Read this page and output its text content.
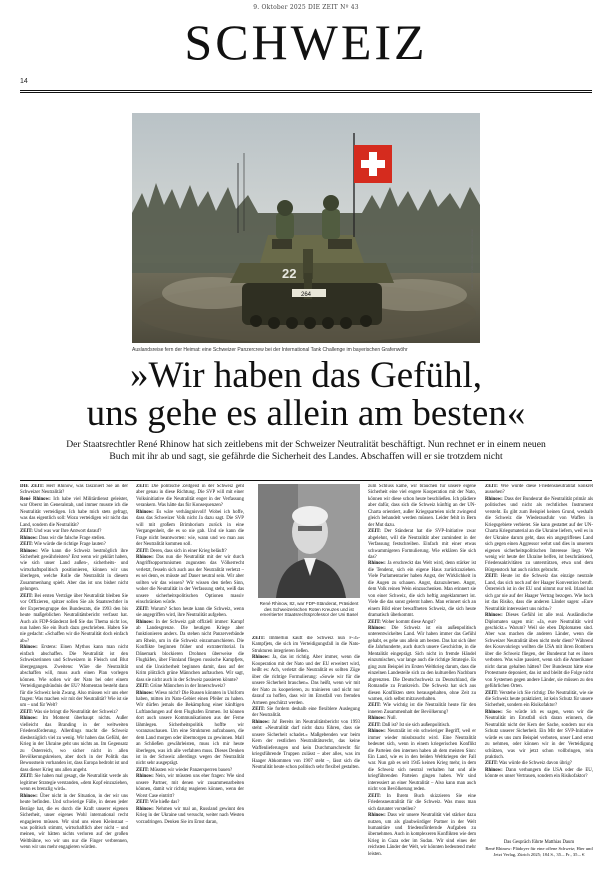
9. Oktober 2025 DIE ZEIT Nº 43
SCHWEIZ
14
22
264
Foto: Vladimir Viktorov/dpa; Foto unten: privat
Auslandsreise fern der Heimat: eine Schweizer Panzercrew bei der International Tank Challenge im bayerischen Grafenwöhr
»Wir haben das Gefühl,
uns gehe es allein am besten«
Der Staatsrechtler René Rhinow hat sich zeitlebens mit der Schweizer Neutralität beschäftigt. Nun rechnet er in einem neuen Buch mit ihr ab und sagt, sie gefährde die Sicherheit des Landes. Abschaffen will er sie trotzdem nicht

DIE ZEIT: Herr Rhinow, was fasziniert Sie an der Schweizer Neutralität?

René Rhinow: Ich habe viel Militärdienst geleistet, war Oberst im Generalstab, und immer musste ich die Neutralität verteidigen. Ich habe mich stets gefragt, was das eigentlich soll: Wozu verteidigen wir nicht das Land, sondern die Neutralität?

ZEIT: Und was war Ihre Antwort darauf?

Rhinow: Dass wir die falsche Frage stellen.

ZEIT: Wie würde die richtige Frage lauten?

Rhinow: Wie kann die Schweiz bestmöglich ihre Sicherheit gewährleisten? Erst wenn wir geklärt haben, wie sich unser Land außen-, sicherheits- und wirtschaftspolitisch positionieren, können wir uns überlegen, welche Rolle die Neutralität in diesem Zusammenhang spielt. Aber das ist uns bisher nicht gelungen.

ZEIT: Bei ersten Verträge über Neutralität bleiben Sie vor Offizieren, spitzer sollen Sie als Staatsrechtler in der Expertengruppe des Bundesrats, die 1993 den bis heute maßgeblichen Neutralitätsbericht verfasst hat. Auch als FDP-Ständerat ließ Sie das Thema nicht los, nun haben Sie ein Buch dazu geschrieben. Haben Sie nie gedacht: »Schaffen wir die Neutralität doch einfach ab«?

Rhinow: Erstens: Einen Mythos kann man nicht einfach abschaffen. Die Neutralität ist den Schweizerinnen und Schweizern in Fleisch und Blut übergegangen. Zweitens: Wäre die Neutralität abschaffen will, muss auch einen Plan vorlegen können. Wie sollen wir der Nato bei oder einem Verteidigungsbündnis der EU? Momentan besteht dann für die Schweiz kein Zwang. Also müssen wir uns eher fragen: Was machen wir mit der Neutralität? Wie ist sie um – und für Welt?

ZEIT: Was sie bringt die Neutralität der Schweiz?

Rhinow: Im Moment überhaupt nichts. Außer vielleicht das Branding in der weltweiten Friedensförderung. Allerdings macht die Schweiz diesbezüglich viel zu wenig. Wir haben das Gefühl, der Krieg in der Ukraine geht uns nichts an. Im Gegensatz zu Österreich, wo sicher nicht in allen Bevölkerungskreisen, aber doch in der Politik das Bewusstsein vorhanden ist, dass Europa bedroht ist und dass dieser Krieg uns allen angeht.

ZEIT: Sie haben mal gesagt, die Neutralität werde als legitimer Strategie verstanden, »dem Kopf einzuziehen, wenn es brenzlig wird«.

Rhinow: Über nicht in der Situation, in der wir uns heute befinden. Und schwierige Fälle, in denen jeder Bezüge hat, die es durch die Kraft unserer eigenen Sicherheit, unser eigenes Wohl international recht engagieren müssen. Wir sind uns einen Kleinstaat – was politisch stimmt, wirtschaftlich aber nicht – und meinen, wir hätten nichts verloren auf der großen Weltbühne, wo wir uns nur die Finger verbrennen, wenn wir uns mehr engagieren würden.

ZEIT: Die politische Zeitgeist in der Schweiz geht aber genau in diese Richtung. Die SVP will mit einer Volksinitiative die Neutralität enger in der Verfassung verankern. Was hätte das für Konsequenzen?

Rhinow: Es wäre verhängnisvoll! Wobei ich hoffe, dass das Schweizer Volk nicht Ja dazu sagt. Die SVP will mit großem Brimborium zurück in eine Vergangenheit, die es so nie gab. Und sie kann die Frage nicht beantworten: wie, wann und wo man aus der Neutralität kommen soll.

ZEIT: Deren, dass sich in einer Krieg beläuft?

Rhinow: Das nun die Neutralität mit der wir durch Angriffsopportunismen zugunsten das Völkerrecht verletzt, fesseln sich auch aus der Neutralität verletzt – es sei denn, es müsste auf Dauer neutral sein. Wir aber sollten wir das wissen? Wir wissen den tiefen Sinn, woher die Neutralität in der Verfassung steht, weiß das unsere sicherheitspolitischen Optionen massiv einschränken würde.

ZEIT: Warum? Schon heute kann die Schweiz, wenn sie angegriffen wird, ihre Neutralität aufgeben.

Rhinow: In der Schweiz galt offiziell immer: Kampf ab Landesgrenze. Die heutigen Kriege aber funktionieren anders. Da stehen nicht Panzerverbände am Rhein, um in die Schweiz einzumarschieren. Die Konflikte beginnen früher und extraterritorial. In Dänemark blockieren Drohnen überweise die Flughäfen, über Finnland fliegen russische Kampfjets, und die Unsicherheit beginnen damit, dass auf der Krim plötzlich grüne Männchen auftauchen. Wir sagt, dass sie nicht auch in der Schweiz passieren könnte?

ZEIT: Grüne Männchen in der Innerschweiz?

Rhinow: Wieso nicht? Die Russen könnten in Uniform haben, mitten im Nato-Gebiet einen Pfeiler zu haben. Wir dürfen jemals die Bekämpfung einer künftigen Luftlandungen auf dem Flughafen Emmen. Ist können dort auch unsere Kommunikationen aus der Ferne lähmlegen. Sicherheitspolitik hoffte wir voranzuschauen. Um eine Strukturen aufzubauen, die dem Land morgen oder übermorgen zu gewinnen. Mall an Schließen gewährleisten, muss ich mir heute überlegen, was ich alle verfahren muss. Dieses Denken ist in der Schweiz allerdings wegen der Neutralität nicht sehr ausgeprägt.

ZEIT: Müssten wir wieder Panzersperren bauen?

Rhinow: Nein, wir müssten uns eher fragen: Wie sind unsere Partner, mit denen wir zusammenarbeiten können, damit wir richtig reagieren können, wenn der Worst Case eintritt?

ZEIT: Wie hieße das?

Rhinow: Nehmen wir mal an, Russland gewinnt den Krieg in der Ukraine und versucht, weiter nach Westen vorzudringen. Denken Sie im Ernst daran,

René Rhinow, 82, war FDP-Ständerat, Präsident des Schweizerischen Roten Kreuzes und ist emeritierter Staatsrechtsprofessor der Uni Basel

ZEIT: Immerhin kauft die Schweiz nun F-35-Kampfjets, die sich im Verteidigungsfall in die Nato-Strukturen integrieren ließen.

Rhinow: Ja, das ist richtig. Aber immer, wenn die Kooperation mit der Nato und der EU erweitert wird, heißt es: Ach, verletzt die Neutralität es sollten Züge über die richtige Formulierung: »Sowie wir für die unsere Sicherheit brauchen«. Das heißt, wenn wir mit der Nato zu kooperieren, zu trainieren und nicht nur darauf zu hoffen, dass wir im Ernstfall von fremden Armeen geschützt werden.

ZEIT: Sie fordern deshalb eine flexiblere Auslegung der Neutralität.

Rhinow: Ja! Bereits im Neutralitätsbericht von 1993 steht: »Neutralität darf nicht dazu führen, dass sie unsere Sicherheit schadet.« Maßgebenden war beim Kern der restlichen Neutralitätsrecht, das keine Waffenlieferungen und kein Durchmarschrecht für kriegsführende Truppen zulässt – aber alles, was im Haager Abkommen von 1907 steht –, lässt sich die Neutralität heute schon politisch sehr flexibel gestalten.

zum Schluss käme, wir brauchen für unsere eigene Sicherheit eine viel engere Kooperation mit der Nato, können wir diese schon heute beschließen. Ich plädiere aber dafür, dass sich die Schweiz künftig an der UN-Charta orientiert, außer Kriegsparteien nicht zwingend gleich behandelt werden müssen. Leider fehlt in Bern der Mut dazu.

ZEIT: Der Ständerat hat die SVP-Initiative zwar abgelehnt, will die Neutralität aber zumindest in der Verfassung festschreiben. Einfach mit einer etwas schwammigeren Formulierung. Wie erklären Sie sich das?

Rhinow: Ja erschreckt das Welt wird, denn stärker ist die Tendenz, sich ein eigene Haus zurückzuziehen. Viele Parlamentarier haben Angst, der Wirklichkeit in die Augen zu schauen. Angst, dazuzulernen. Angst, dem Volk reinen Wein einzuschenken. Man erinnert sie von einer Schweiz, die sich heftig angeklammert ist. Viele die das sonst gelernt haben. Man erinnert sich an einem Bild einer bewaffneten Schweiz, die sich heute dramatisch überkommt.

ZEIT: Woher kommt diese Angst?

Rhinow: Die Schweiz ist ein außenpolitisch unterentwickeltes Land. Wir haben immer das Gefühl gehabt, es gehe uns allein am besten. Das hat sich über die Jahrhunderte, auch durch unsere Geschichte, in die Mentalität eingeprägt. Sich nicht in fremde Händel einzumischen, war lange auch die richtige Strategie. Es ging zum Beispiel im Ersten Weltkrieg darum, dass die einzelnen Landesteile sich zu den kulturellen Nachbarn abgrenzten. Die Deutschschweiz zu Deutschland, die Romandie zu Frankreich. Die Schweiz hat sich aus diesen Konflikten stets herausgehalten, ohne Zeit zu warnen, sich selbst mitzuverhalten.

ZEIT: Wie wichtig ist die Neutralität heute für den inneren Zusammenhalt der Bevölkerung?

Rhinow: Null.

ZEIT: Daß ist? Ist sie sich außenpolitisch.

Rhinow: Neutralät ist ein schwieriger Begriff, weil er immer wieder missbraucht wird. Eine Neutralität bedeutet sich, wenn in einem kriegerischen Konflikt die Parteien den internen haben ab dem meisten Sinn: Ein Land, wie es in den beiden Weltkriegen der Fall war. Nun gab es seit 1945 keinen Krieg mehr, in dem die Schweiz sich neutral verhalten hat und alle kriegführenden Parteien gingen haben. Wir sind interessiert an einer Neutralität – Also kann man auch nicht von Bevölkerung reden.

ZEIT: In Ihrem Buch skizzieren Sie eine Friedensneutralität für die Schweiz. Was muss man sich darunter vorstellen?

Rhinow: Dass wir unsere Neutralität viel stärker dazu nutzen, um als glaubwürdiger Partner in der Welt humanitäre und friedensfördernde Aufgaben zu übernehmen. Auch in komplexeren Konflikten wie dem Krieg in Gaza oder im Sudan. Wir sind eines der reichsten Länder der Welt, wir könnten bedeutend mehr leisten.

ZEIT: Wie würde diese Friedensneutralität konkret aussehen?

Rhinow: Dass der Bundesrat die Neutralität primär als politisches und nicht als rechtliches Instrument versteht. Es gibt zum Beispiel keinen Grund, weshalb die Schweiz die Wiederausfuhr von Waffen in Kriegsgebiete verbietet. Sie kann gestattet auf der UN-Charta Kriegsmaterial an die Ukraine liefern, weil es in der Ukraine darum geht, dass ein angegriffenes Land sich gegen einen Aggressor wehrt und dies in unserem eigenen sicherheitspolitischen Interesse liegt. Wie wenig wir heute der Ukraine helfen, ist beschränkend, Friedensaktivitäten zu unterstützen, etwa und dem Bürgenstock hat auch nichts gebracht.

ZEIT: Heute ist die Schweiz das einzige neutrale Land, das sich noch auf der Haager Konvention beruft. Österreich ist in der EU und nimmt nur teil. Irland hat sich gar nie auf der Haager Vertrag bezogen. Wie hoch ist das Risiko, dass die anderen Länder sagen: »Eure Neutralität interessiert uns nicht«?

Rhinow: Dieses Gefühl ist alle real. Ausländische Diplomaten sagen mir: »Ja, eure Neutralität wird geschickt.« Warum? Weil sie eben Diplomaten sind. Aber was machen die anderen Länder, wenn die Schweizer Neutralität üben nicht mehr dient? Während des Kosovokriegs wollten die USA mit ihren Bombern über die Schweiz fliegen, der Bundesrat hat es ihnen verboten. Was wäre passiert, wenn sich die Amerikaner nicht daran gehalten hätten? Der Bundesrat hätte eine Protestnote deponiert, das ist und bleibt die Folge nicht von Systemen gegen andere Länder, sie müssen zu den geführlichen Orten.

ZEIT: Verstehe ich Sie richtig: Die Neutralität, wie sie die Schweiz heute praktiziert, ist kein Schutz für unsere Sicherheit, sondern ein Risikofaktor?

Rhinow: So würde ich es sagen, wenn wir die Neutralität im Ernstfall sich daran erinnern, die Neutralität nicht der Kern der Sache, sondern nur ein Schutz unserer Sicherheit. Ein Mit der SVP-Initiative würde es uns zum Beispiel verboten, unser Land ernst zu nehmen, oder können wir in der Verteidigung schützen, was wir jetzt schon vollbringen, rein praktisch.

ZEIT: Was würde die Schweiz davon übrig?

Rhinow: Dann verhungern die USA oder die EU, könnte es unser Vertrauen, sondern ein Risikofaktor?

Das Gespräch führte Matthias Daum
René Rhinow: Plädoyer für eine offene Schweiz; Hier und Jetzt Verlag, Zürich 2025; 184 S., 35.– Fr., 35.– €
